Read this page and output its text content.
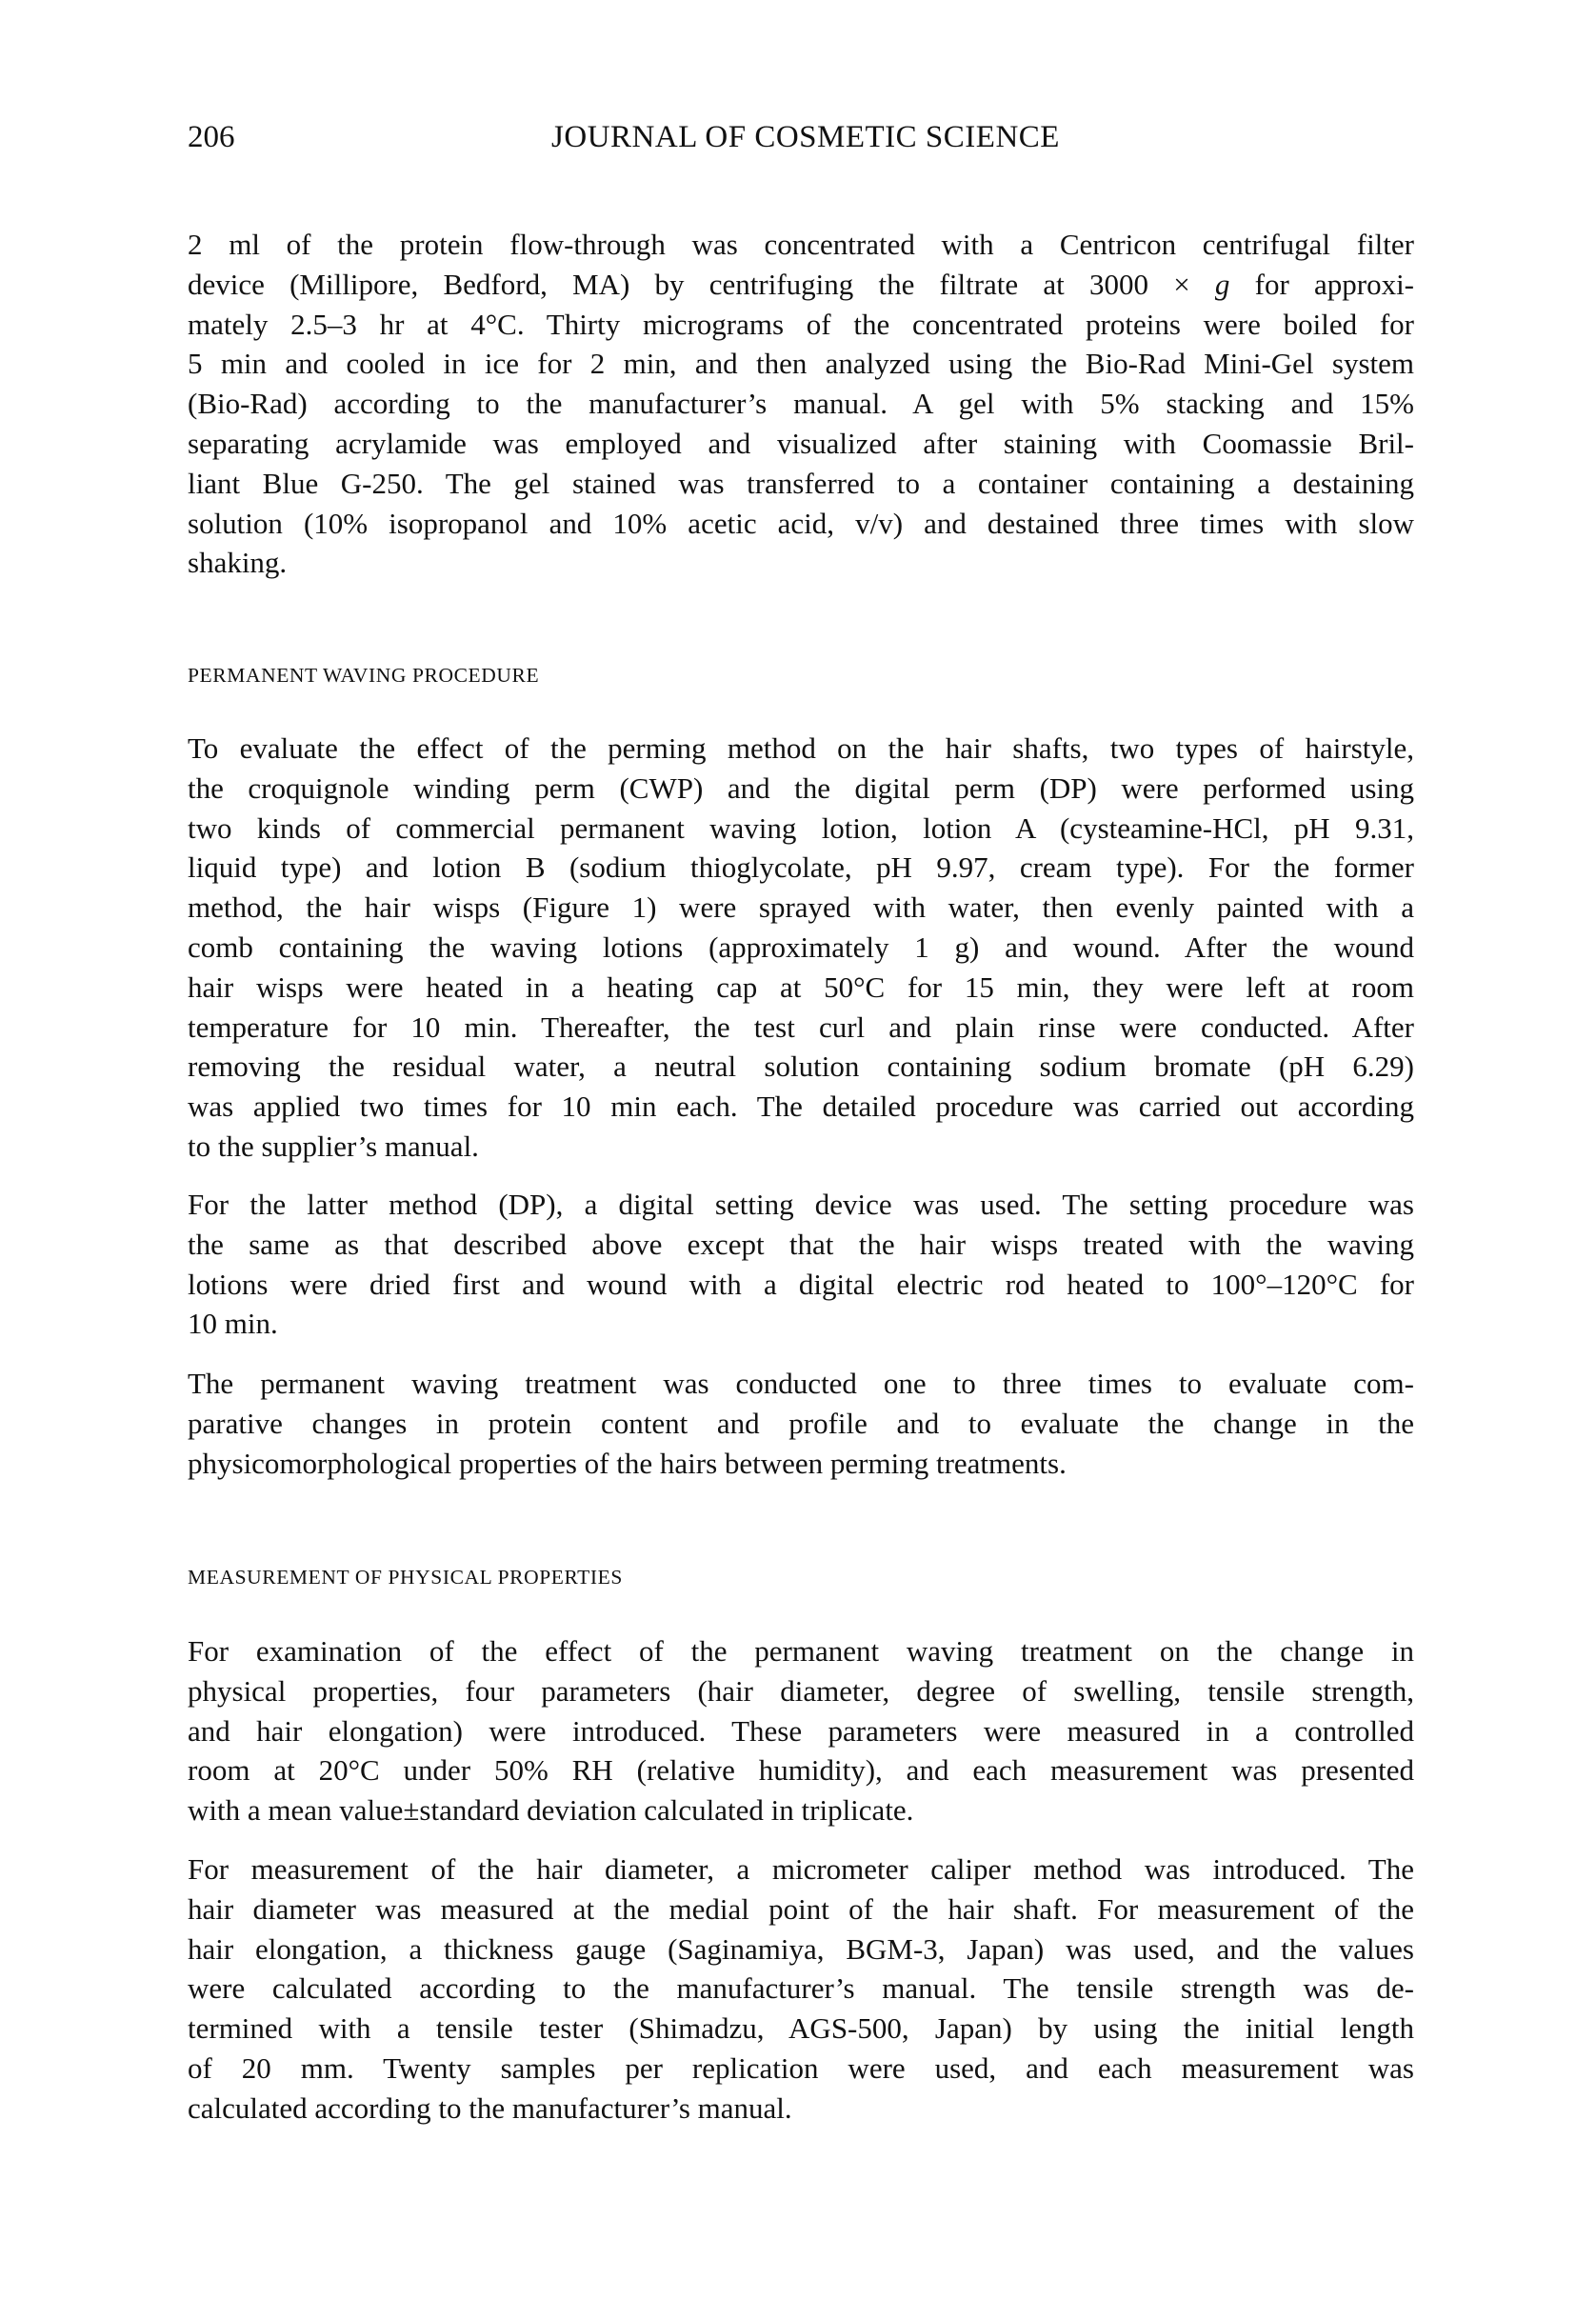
206	JOURNAL OF COSMETIC SCIENCE
2 ml of the protein flow-through was concentrated with a Centricon centrifugal filter
device (Millipore, Bedford, MA) by centrifuging the filtrate at 3000 × g for approxi-
mately 2.5–3 hr at 4°C. Thirty micrograms of the concentrated proteins were boiled for
5 min and cooled in ice for 2 min, and then analyzed using the Bio-Rad Mini-Gel system
(Bio-Rad) according to the manufacturer’s manual. A gel with 5% stacking and 15%
separating acrylamide was employed and visualized after staining with Coomassie Bril-
liant Blue G-250. The gel stained was transferred to a container containing a destaining
solution (10% isopropanol and 10% acetic acid, v/v) and destained three times with slow
shaking.
PERMANENT WAVING PROCEDURE
To evaluate the effect of the perming method on the hair shafts, two types of hairstyle,
the croquignole winding perm (CWP) and the digital perm (DP) were performed using
two kinds of commercial permanent waving lotion, lotion A (cysteamine-HCl, pH 9.31,
liquid type) and lotion B (sodium thioglycolate, pH 9.97, cream type). For the former
method, the hair wisps (Figure 1) were sprayed with water, then evenly painted with a
comb containing the waving lotions (approximately 1 g) and wound. After the wound
hair wisps were heated in a heating cap at 50°C for 15 min, they were left at room
temperature for 10 min. Thereafter, the test curl and plain rinse were conducted. After
removing the residual water, a neutral solution containing sodium bromate (pH 6.29)
was applied two times for 10 min each. The detailed procedure was carried out according
to the supplier’s manual.
For the latter method (DP), a digital setting device was used. The setting procedure was
the same as that described above except that the hair wisps treated with the waving
lotions were dried first and wound with a digital electric rod heated to 100°–120°C for
10 min.
The permanent waving treatment was conducted one to three times to evaluate com-
parative changes in protein content and profile and to evaluate the change in the
physicomorphological properties of the hairs between perming treatments.
MEASUREMENT OF PHYSICAL PROPERTIES
For examination of the effect of the permanent waving treatment on the change in
physical properties, four parameters (hair diameter, degree of swelling, tensile strength,
and hair elongation) were introduced. These parameters were measured in a controlled
room at 20°C under 50% RH (relative humidity), and each measurement was presented
with a mean value±standard deviation calculated in triplicate.
For measurement of the hair diameter, a micrometer caliper method was introduced. The
hair diameter was measured at the medial point of the hair shaft. For measurement of the
hair elongation, a thickness gauge (Saginamiya, BGM-3, Japan) was used, and the values
were calculated according to the manufacturer’s manual. The tensile strength was de-
termined with a tensile tester (Shimadzu, AGS-500, Japan) by using the initial length
of 20 mm. Twenty samples per replication were used, and each measurement was
calculated according to the manufacturer’s manual.
